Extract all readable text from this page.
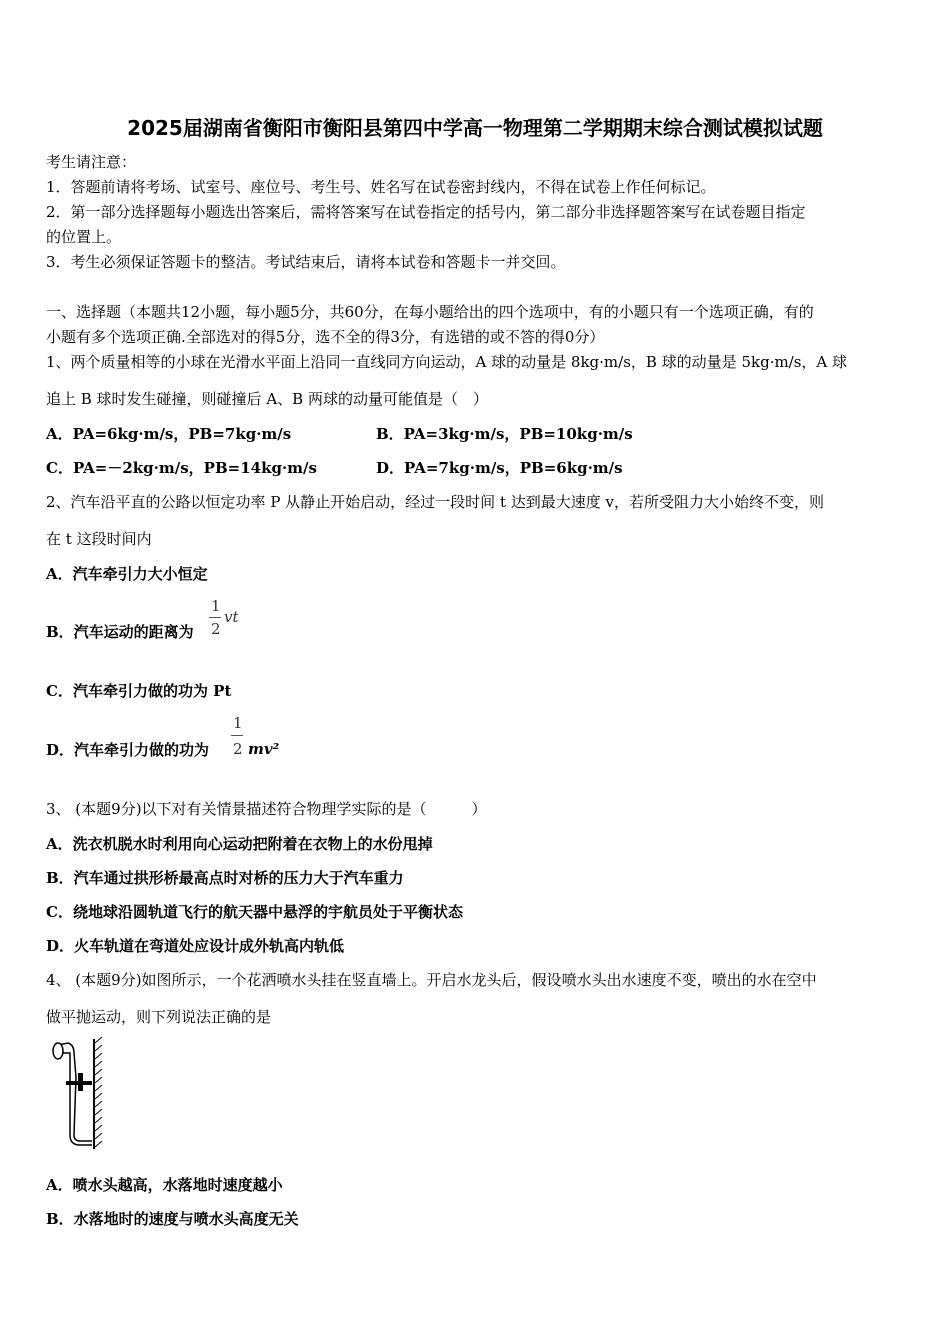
2025届湖南省衡阳市衡阳县第四中学高一物理第二学期期末综合测试模拟试题
考生请注意：
1．答题前请将考场、试室号、座位号、考生号、姓名写在试卷密封线内，不得在试卷上作任何标记。
2．第一部分选择题每小题选出答案后，需将答案写在试卷指定的括号内，第二部分非选择题答案写在试卷题目指定
的位置上。
3．考生必须保证答题卡的整洁。考试结束后，请将本试卷和答题卡一并交回。
一、选择题（本题共12小题，每小题5分，共60分，在每小题给出的四个选项中，有的小题只有一个选项正确，有的
小题有多个选项正确.全部选对的得5分，选不全的得3分，有选错的或不答的得0分）
1、两个质量相等的小球在光滑水平面上沿同一直线同方向运动，A 球的动量是 8kg·m/s，B 球的动量是 5kg·m/s，A 球
追上 B 球时发生碰撞，则碰撞后 A、B 两球的动量可能值是（　）
A．PA=6kg·m/s，PB=7kg·m/s	B．PA=3kg·m/s，PB=10kg·m/s
C．PA=－2kg·m/s，PB=14kg·m/s	D．PA=7kg·m/s，PB=6kg·m/s
2、汽车沿平直的公路以恒定功率 P 从静止开始启动，经过一段时间 t 达到最大速度 v，若所受阻力大小始终不变，则
在 t 这段时间内
A．汽车牵引力大小恒定
B．汽车运动的距离为
1
2
vt
C．汽车牵引力做的功为 Pt
D．汽车牵引力做的功为
1
2 mv²
3、 (本题9分)以下对有关情景描述符合物理学实际的是（　　　）
A．洗衣机脱水时利用向心运动把附着在衣物上的水份甩掉
B．汽车通过拱形桥最高点时对桥的压力大于汽车重力
C．绕地球沿圆轨道飞行的航天器中悬浮的宇航员处于平衡状态
D．火车轨道在弯道处应设计成外轨高内轨低
4、 (本题9分)如图所示，一个花洒喷水头挂在竖直墙上。开启水龙头后，假设喷水头出水速度不变，喷出的水在空中
做平抛运动，则下列说法正确的是
A．喷水头越高，水落地时速度越小
B．水落地时的速度与喷水头高度无关
